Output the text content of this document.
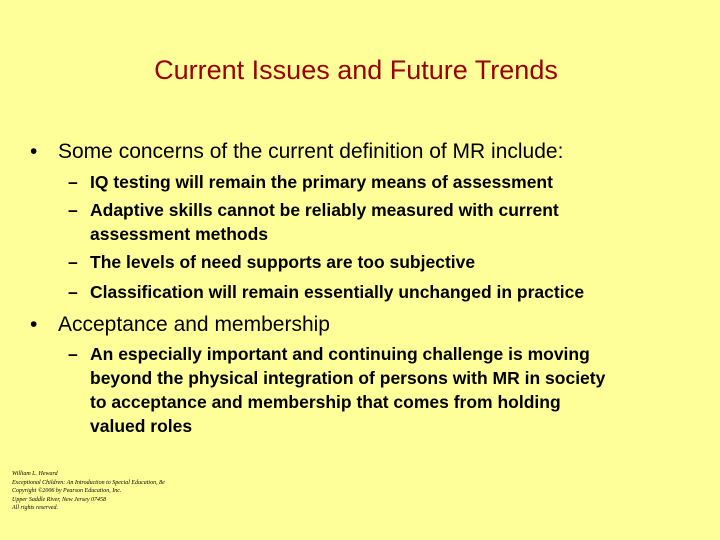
Current Issues and Future Trends
• Some concerns of the current definition of MR include:
– IQ testing will remain the primary means of assessment
– Adaptive skills cannot be reliably measured with current
assessment methods
– The levels of need supports are too subjective
– Classification will remain essentially unchanged in practice
• Acceptance and membership
– An especially important and continuing challenge is moving
beyond the physical integration of persons with MR in society
to acceptance and membership that comes from holding
valued roles
William L. Heward
Exceptional Children: An Introduction to Special Education, 8e
Copyright ©2006 by Pearson Education, Inc.
Upper Saddle River, New Jersey 07458
All rights reserved.
